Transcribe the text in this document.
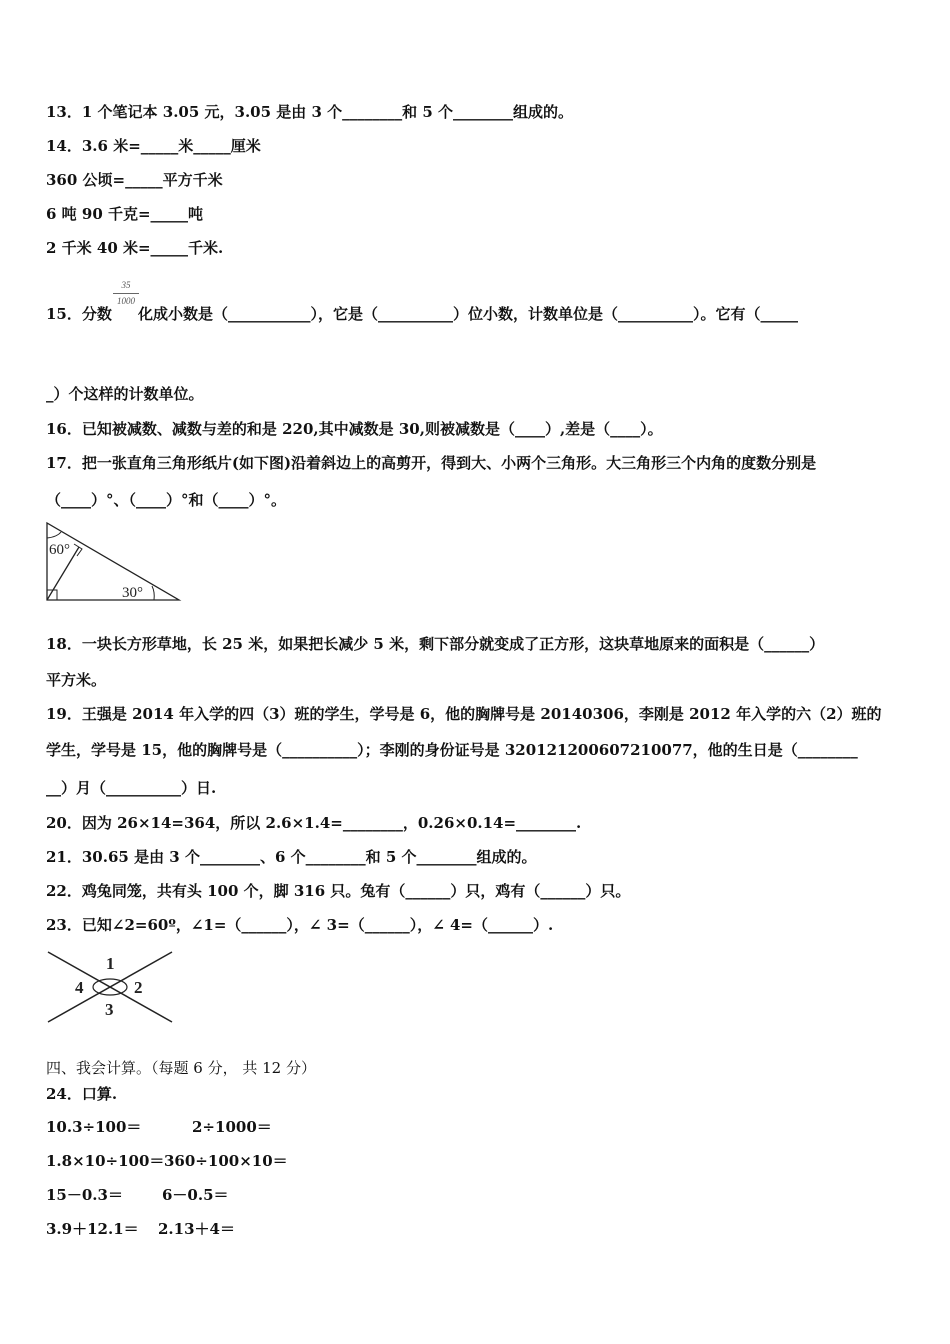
13．1 个笔记本 3.05 元，3.05 是由 3 个________和 5 个________组成的。
14．3.6 米=_____米_____厘米
360 公顷=_____平方千米
6 吨 90 千克=_____吨
2 千米 40 米=_____千米.
15．分数
35
1000
化成小数是（___________），它是（__________）位小数，计数单位是（__________）。它有（_____
_）个这样的计数单位。
16．已知被减数、减数与差的和是 220,其中减数是 30,则被减数是（____）,差是（____）。
17．把一张直角三角形纸片(如下图)沿着斜边上的高剪开，得到大、小两个三角形。大三角形三个内角的度数分别是
（____）°、（____）°和（____）°。
60°
30°
18．一块长方形草地，长 25 米，如果把长减少 5 米，剩下部分就变成了正方形，这块草地原来的面积是（______）
平方米。
19．王强是 2014 年入学的四（3）班的学生，学号是 6，他的胸牌号是 20140306，李刚是 2012 年入学的六（2）班的
学生，学号是 15，他的胸牌号是（__________）；李刚的身份证号是 320121200607210077，他的生日是（________
__）月（__________）日.
20．因为 26×14=364，所以 2.6×1.4=________，0.26×0.14=________.
21．30.65 是由 3 个________、6 个________和 5 个________组成的。
22．鸡兔同笼，共有头 100 个，脚 316 只。兔有（______）只，鸡有（______）只。
23．已知∠2=60º，∠1=（______），∠ 3=（______），∠ 4=（______）.
1
2
3
4
四、我会计算。（每题 6 分， 共 12 分）
24．口算.
10.3÷100＝	2÷1000＝
1.8×10÷100＝ 360÷100×10＝
15－0.3＝	6－0.5＝
3.9＋12.1＝ 2.13＋4＝
